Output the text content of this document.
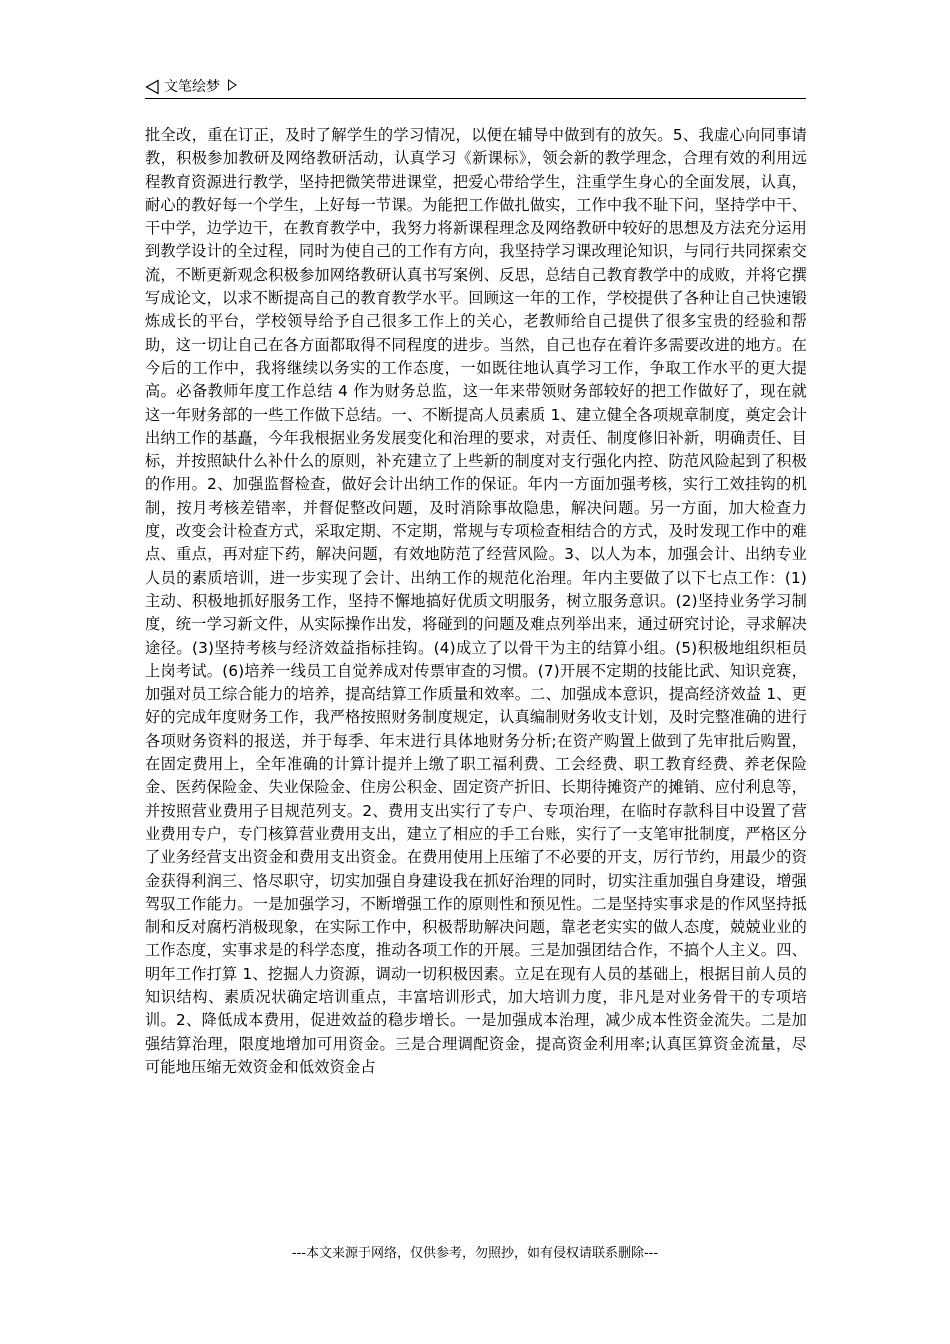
文笔绘梦
批全改，重在订正，及时了解学生的学习情况，以便在辅导中做到有的放矢。5、我虚心向同事请教，积极参加教研及网络教研活动，认真学习《新课标》，领会新的教学理念，合理有效的利用远程教育资源进行教学，坚持把微笑带进课堂，把爱心带给学生，注重学生身心的全面发展，认真，耐心的教好每一个学生，上好每一节课。为能把工作做扎做实，工作中我不耻下问，坚持学中干、干中学，边学边干，在教育教学中，我努力将新课程理念及网络教研中较好的思想及方法充分运用到教学设计的全过程，同时为使自己的工作有方向，我坚持学习课改理论知识，与同行共同探索交流，不断更新观念积极参加网络教研认真书写案例、反思，总结自己教育教学中的成败，并将它撰写成论文，以求不断提高自己的教育教学水平。回顾这一年的工作，学校提供了各种让自己快速锻炼成长的平台，学校领导给予自己很多工作上的关心，老教师给自己提供了很多宝贵的经验和帮助，这一切让自己在各方面都取得不同程度的进步。当然，自己也存在着许多需要改进的地方。在今后的工作中，我将继续以务实的工作态度，一如既往地认真学习工作，争取工作水平的更大提高。必备教师年度工作总结 4 作为财务总监，这一年来带领财务部较好的把工作做好了，现在就这一年财务部的一些工作做下总结。一、不断提高人员素质 1、建立健全各项规章制度，奠定会计出纳工作的基矗，今年我根据业务发展变化和治理的要求，对责任、制度修旧补新，明确责任、目标，并按照缺什么补什么的原则，补充建立了上些新的制度对支行强化内控、防范风险起到了积极的作用。2、加强监督检查，做好会计出纳工作的保证。年内一方面加强考核，实行工效挂钩的机制，按月考核差错率，并督促整改问题，及时消除事故隐患，解决问题。另一方面，加大检查力度，改变会计检查方式，采取定期、不定期，常规与专项检查相结合的方式，及时发现工作中的难点、重点，再对症下药，解决问题，有效地防范了经营风险。3、以人为本，加强会计、出纳专业人员的素质培训，进一步实现了会计、出纳工作的规范化治理。年内主要做了以下七点工作：(1)主动、积极地抓好服务工作，坚持不懈地搞好优质文明服务，树立服务意识。(2)坚持业务学习制度，统一学习新文件，从实际操作出发，将碰到的问题及难点列举出来，通过研究讨论，寻求解决途径。(3)坚持考核与经济效益指标挂钩。(4)成立了以骨干为主的结算小组。(5)积极地组织柜员上岗考试。(6)培养一线员工自觉养成对传票审查的习惯。(7)开展不定期的技能比武、知识竞赛，加强对员工综合能力的培养，提高结算工作质量和效率。二、加强成本意识，提高经济效益 1、更好的完成年度财务工作，我严格按照财务制度规定，认真编制财务收支计划，及时完整准确的进行各项财务资料的报送，并于每季、年末进行具体地财务分析;在资产购置上做到了先审批后购置，在固定费用上，全年准确的计算计提并上缴了职工福利费、工会经费、职工教育经费、养老保险金、医药保险金、失业保险金、住房公积金、固定资产折旧、长期待摊资产的摊销、应付利息等，并按照营业费用子目规范列支。2、费用支出实行了专户、专项治理，在临时存款科目中设置了营业费用专户，专门核算营业费用支出，建立了相应的手工台账，实行了一支笔审批制度，严格区分了业务经营支出资金和费用支出资金。在费用使用上压缩了不必要的开支，厉行节约，用最少的资金获得利润三、恪尽职守，切实加强自身建设我在抓好治理的同时，切实注重加强自身建设，增强驾驭工作能力。一是加强学习，不断增强工作的原则性和预见性。二是坚持实事求是的作风坚持抵制和反对腐朽消极现象，在实际工作中，积极帮助解决问题，靠老老实实的做人态度，兢兢业业的工作态度，实事求是的科学态度，推动各项工作的开展。三是加强团结合作，不搞个人主义。四、明年工作打算 1、挖掘人力资源，调动一切积极因素。立足在现有人员的基础上，根据目前人员的知识结构、素质况状确定培训重点，丰富培训形式，加大培训力度，非凡是对业务骨干的专项培训。2、降低成本费用，促进效益的稳步增长。一是加强成本治理，减少成本性资金流失。二是加强结算治理，限度地增加可用资金。三是合理调配资金，提高资金利用率;认真匡算资金流量，尽可能地压缩无效资金和低效资金占
---本文来源于网络，仅供参考，勿照抄，如有侵权请联系删除---
